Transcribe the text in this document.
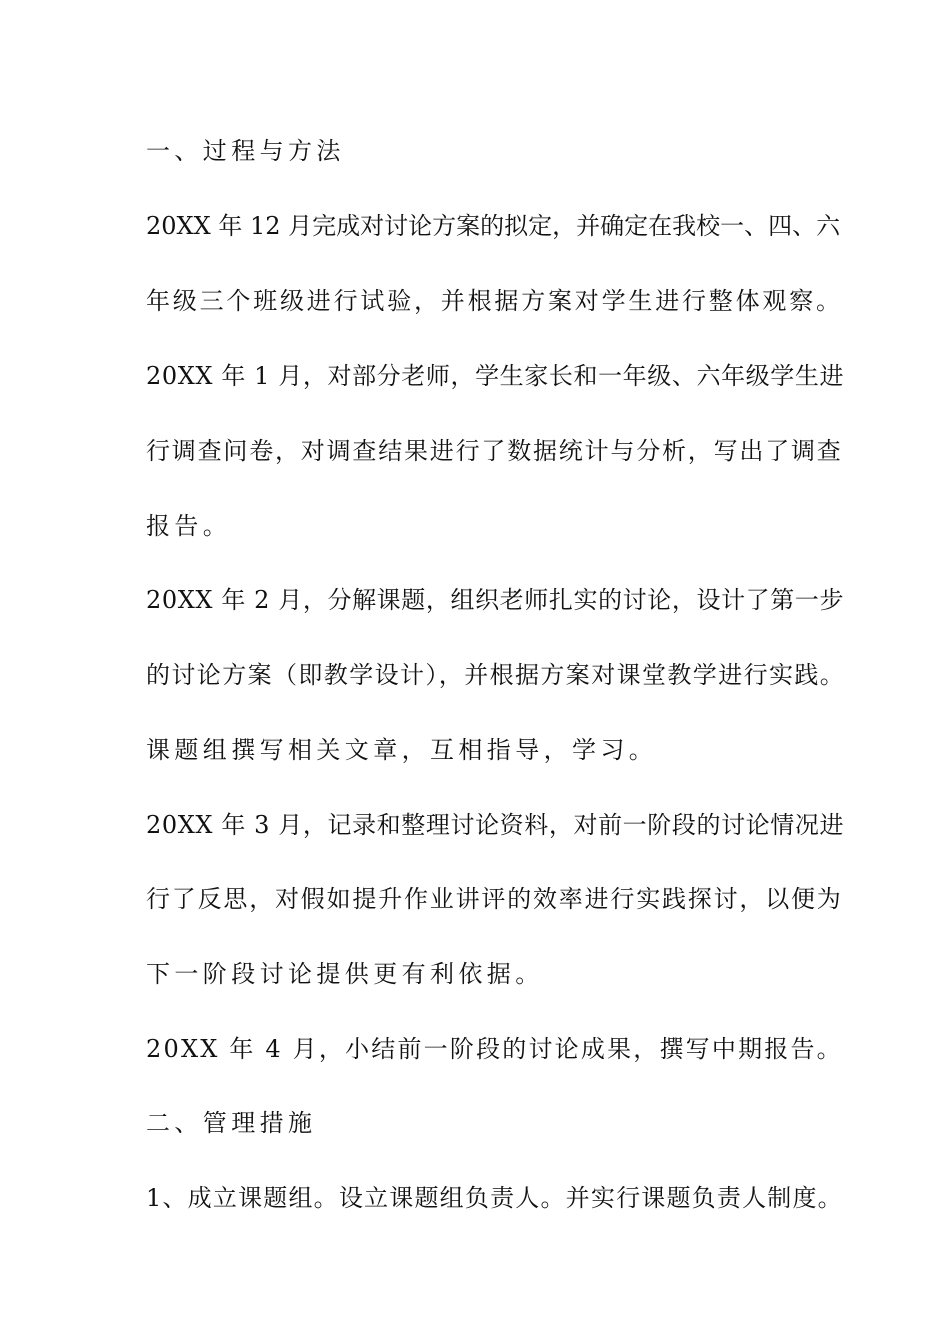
一、过程与方法
20XX 年 12 月完成对讨论方案的拟定，并确定在我校一、四、六
年级三个班级进行试验，并根据方案对学生进行整体观察。
20XX 年 1 月，对部分老师，学生家长和一年级、六年级学生进
行调查问卷，对调查结果进行了数据统计与分析，写出了调查
报告。
20XX 年 2 月，分解课题，组织老师扎实的讨论，设计了第一步
的讨论方案（即教学设计），并根据方案对课堂教学进行实践。
课题组撰写相关文章，互相指导，学习。
20XX 年 3 月，记录和整理讨论资料，对前一阶段的讨论情况进
行了反思，对假如提升作业讲评的效率进行实践探讨，以便为
下一阶段讨论提供更有利依据。
20XX 年 4 月，小结前一阶段的讨论成果，撰写中期报告。
二、管理措施
1、成立课题组。设立课题组负责人。并实行课题负责人制度。
